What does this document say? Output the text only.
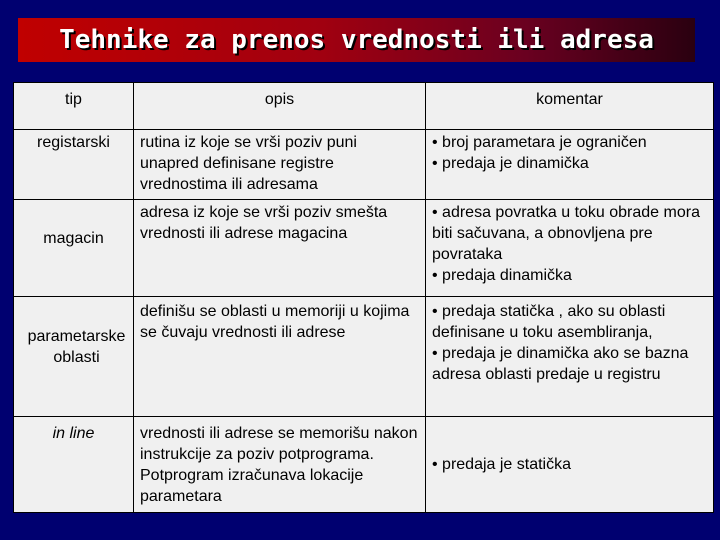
Tehnike za prenos vrednosti ili adresa
tip	opis	komentar
registarski	rutina iz koje se vrši poziv puni unapred definisane registre vrednostima ili adresama	• broj parametara je ograničen
• predaja je dinamička

magacin	adresa iz koje se vrši poziv smešta vrednosti ili adrese magacina	• adresa povratka u toku obrade mora biti sačuvana, a obnovljena pre povrataka
• predaja dinamička

parametarske oblasti	definišu se oblasti u memoriji u kojima se čuvaju vrednosti ili adrese	• predaja statička , ako su oblasti definisane u toku asembliranja,
• predaja je dinamička ako se bazna adresa oblasti predaje u registru

in line	vrednosti ili adrese se memorišu nakon instrukcije za poziv potprograma. Potprogram izračunava lokacije parametara	• predaja je statička
